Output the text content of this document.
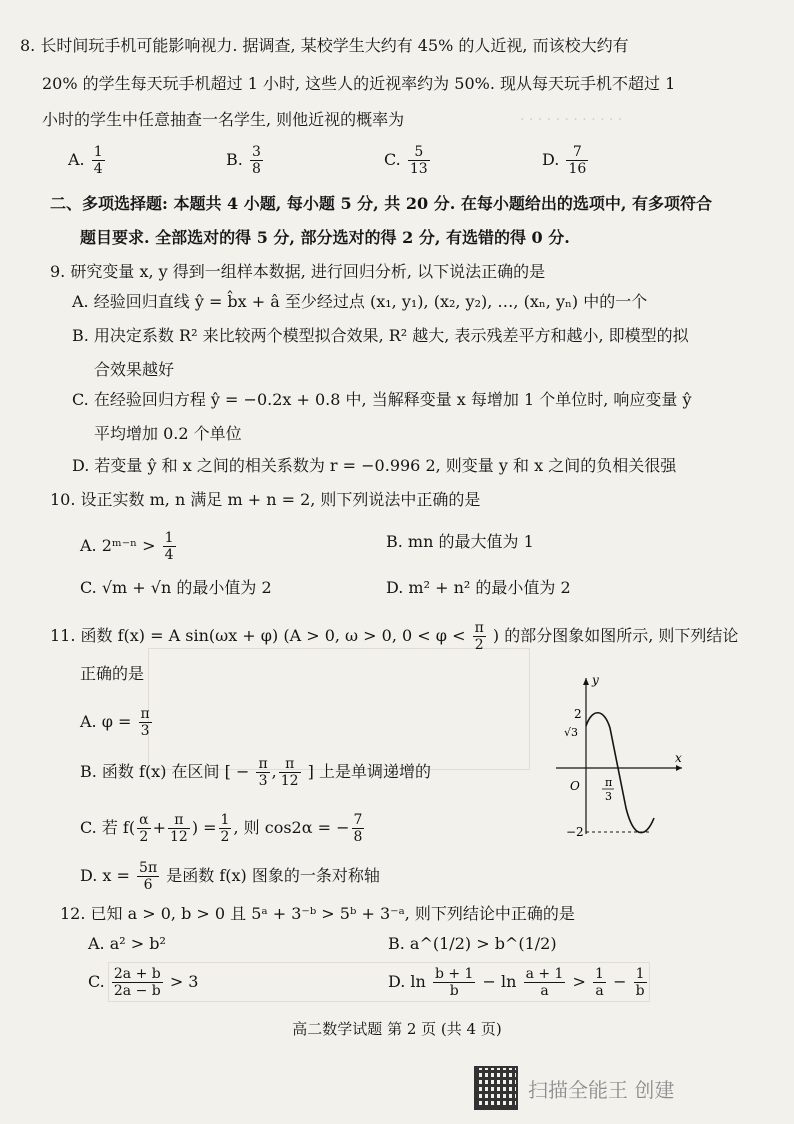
· · · · · · · · · · · ·
8. 长时间玩手机可能影响视力. 据调查, 某校学生大约有 45% 的人近视, 而该校大约有
20% 的学生每天玩手机超过 1 小时, 这些人的近视率约为 50%. 现从每天玩手机不超过 1
小时的学生中任意抽查一名学生, 则他近视的概率为
A. $\frac{1}{4}$	B. $\frac{3}{8}$	C. $\frac{5}{13}$	D. $\frac{7}{16}$
二、多项选择题: 本题共 4 小题, 每小题 5 分, 共 20 分. 在每小题给出的选项中, 有多项符合
题目要求. 全部选对的得 5 分, 部分选对的得 2 分, 有选错的得 0 分.
9. 研究变量 x, y 得到一组样本数据, 进行回归分析, 以下说法正确的是
A. 经验回归直线 ŷ = b̂x + â 至少经过点 (x₁, y₁), (x₂, y₂), …, (xₙ, yₙ) 中的一个
B. 用决定系数 R² 来比较两个模型拟合效果, R² 越大, 表示残差平方和越小, 即模型的拟
合效果越好
C. 在经验回归方程 ŷ = −0.2x + 0.8 中, 当解释变量 x 每增加 1 个单位时, 响应变量 ŷ
平均增加 0.2 个单位
D. 若变量 ŷ 和 x 之间的相关系数为 r = −0.996 2, 则变量 y 和 x 之间的负相关很强
10. 设正实数 m, n 满足 m + n = 2, 则下列说法中正确的是
A. 2ᵐ⁻ⁿ > $\frac{1}{4}$	B. mn 的最大值为 1
C. √m + √n 的最小值为 2	D. m² + n² 的最小值为 2
11. 函数 f(x) = A sin(ωx + φ) (A > 0, ω > 0, $0 < \varphi < \frac{\pi}{2}$ ) 的部分图象如图所示, 则下列结论
正确的是
A. $\varphi = \frac{\pi}{3}$
B. 函数 f(x) 在区间 [ − $\frac{\pi}{3}$ , $\frac{\pi}{12}$ ] 上是单调递增的
C. 若 $f( \frac{\alpha}{2} + \frac{\pi}{12}$ ) = $\frac{1}{2}$ , 则 cos2α = − $\frac{7}{8}$
D. $x = \frac{5\pi}{6}$ 是函数 f(x) 图象的一条对称轴
y
x
O
2
√3
−2
π
3
12. 已知 a > 0, b > 0 且 5ᵃ + 3⁻ᵇ > 5ᵇ + 3⁻ᵃ, 则下列结论中正确的是
A. a² > b²	B. a^(1/2) > b^(1/2)
C. $\frac{2a + b}{2a - b} > 3$	D. $\ln \frac{b + 1}{b} - \ln \frac{a + 1}{a} > \frac{1}{a} - \frac{1}{b}$
高二数学试题 第 2 页 (共 4 页)
扫描全能王 创建
